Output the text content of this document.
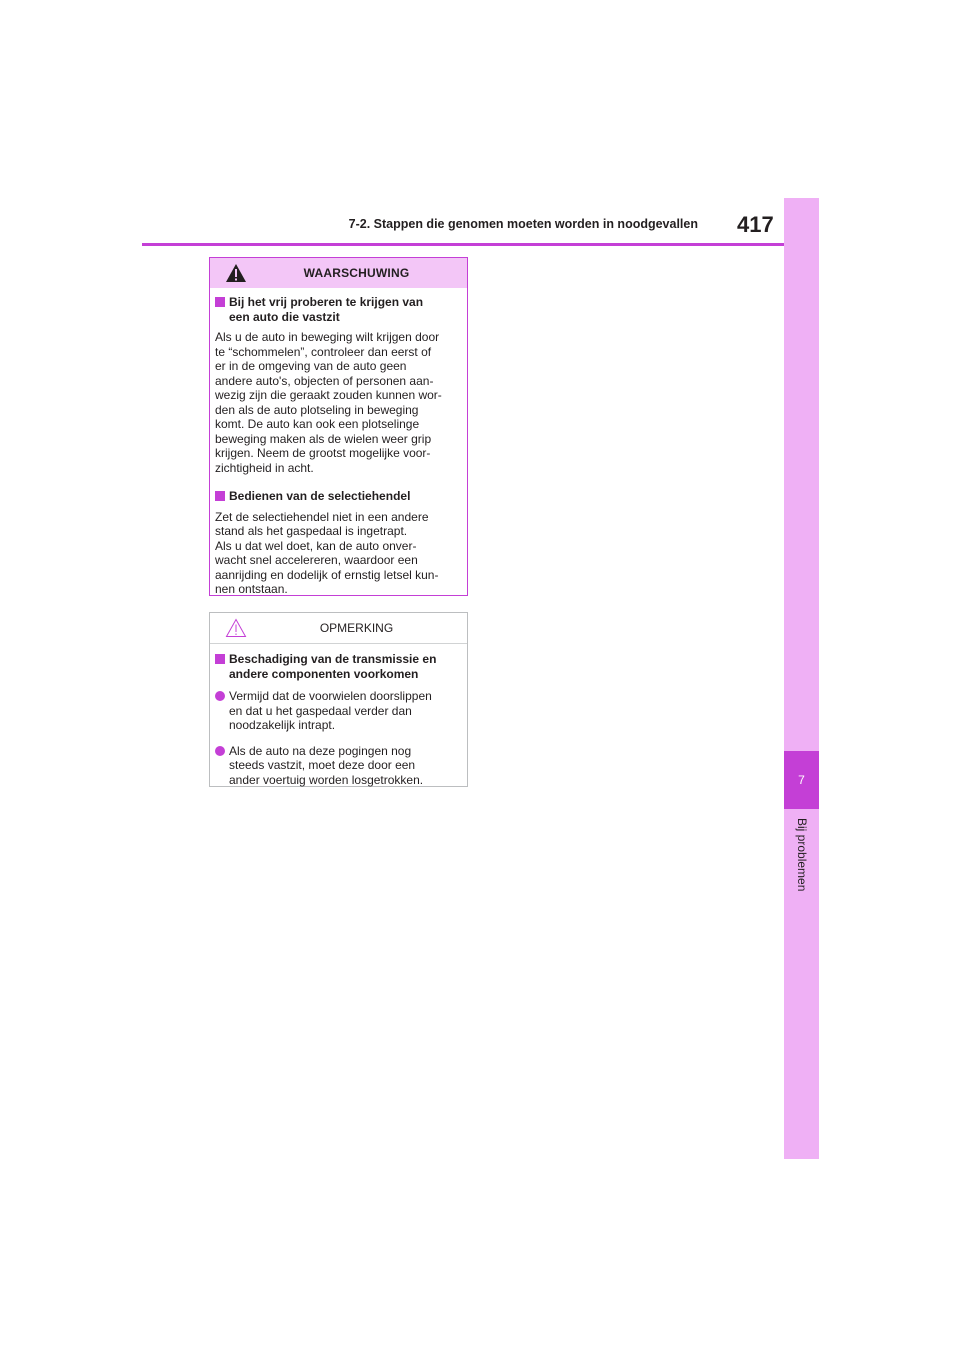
7
Bij problemen
7-2. Stappen die genomen moeten worden in noodgevallen 417
WAARSCHUWING
Bij het vrij proberen te krijgen van
een auto die vastzit
Als u de auto in beweging wilt krijgen door
te “schommelen”, controleer dan eerst of
er in de omgeving van de auto geen
andere auto's, objecten of personen aan-
wezig zijn die geraakt zouden kunnen wor-
den als de auto plotseling in beweging
komt. De auto kan ook een plotselinge
beweging maken als de wielen weer grip
krijgen. Neem de grootst mogelijke voor-
zichtigheid in acht.
Bedienen van de selectiehendel
Zet de selectiehendel niet in een andere
stand als het gaspedaal is ingetrapt.
Als u dat wel doet, kan de auto onver-
wacht snel accelereren, waardoor een
aanrijding en dodelijk of ernstig letsel kun-
nen ontstaan.
OPMERKING
Beschadiging van de transmissie en
andere componenten voorkomen
Vermijd dat de voorwielen doorslippen
en dat u het gaspedaal verder dan
noodzakelijk intrapt.
Als de auto na deze pogingen nog
steeds vastzit, moet deze door een
ander voertuig worden losgetrokken.
